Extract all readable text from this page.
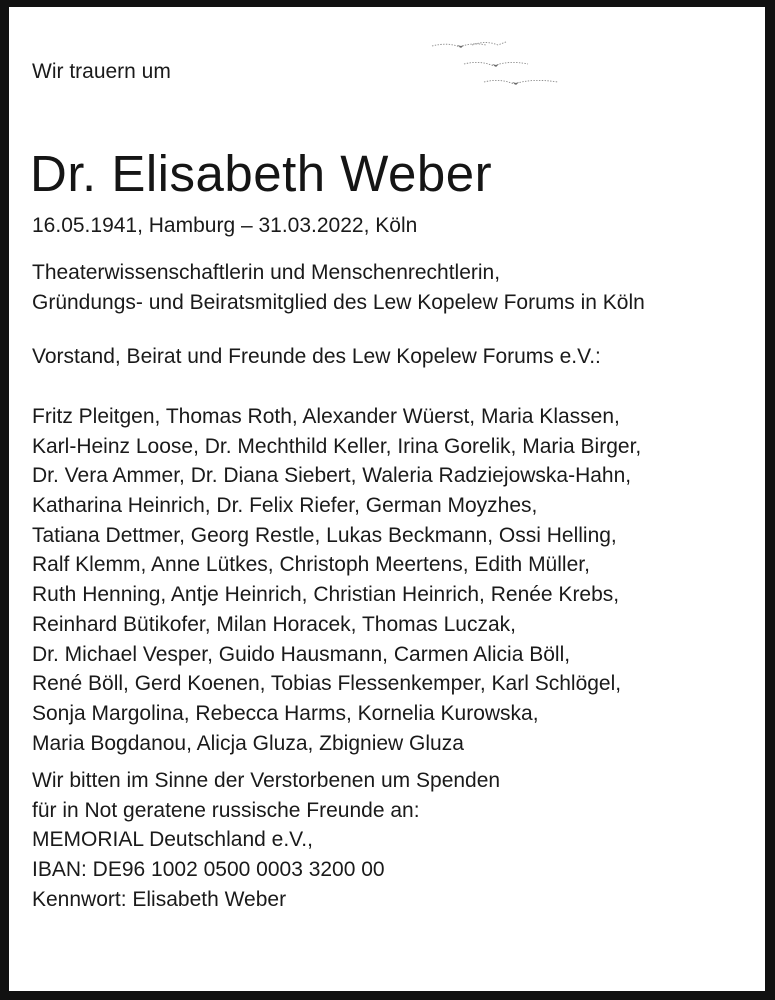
Wir trauern um

Dr. Elisabeth Weber

16.05.1941, Hamburg – 31.03.2022, Köln

Theaterwissenschaftlerin und Menschenrechtlerin,
Gründungs- und Beiratsmitglied des Lew Kopelew Forums in Köln
Vorstand, Beirat und Freunde des Lew Kopelew Forums e.V.:
Fritz Pleitgen, Thomas Roth, Alexander Wüerst, Maria Klassen,
Karl-Heinz Loose, Dr. Mechthild Keller, Irina Gorelik, Maria Birger,
Dr. Vera Ammer, Dr. Diana Siebert, Waleria Radziejowska-Hahn,
Katharina Heinrich, Dr. Felix Riefer, German Moyzhes,
Tatiana Dettmer, Georg Restle, Lukas Beckmann, Ossi Helling,
Ralf Klemm, Anne Lütkes, Christoph Meertens, Edith Müller,
Ruth Henning, Antje Heinrich, Christian Heinrich, Renée Krebs,
Reinhard Bütikofer, Milan Horacek, Thomas Luczak,
Dr. Michael Vesper, Guido Hausmann, Carmen Alicia Böll,
René Böll, Gerd Koenen, Tobias Flessenkemper, Karl Schlögel,
Sonja Margolina, Rebecca Harms, Kornelia Kurowska,
Maria Bogdanou, Alicja Gluza, Zbigniew Gluza
Wir bitten im Sinne der Verstorbenen um Spenden
für in Not geratene russische Freunde an:
MEMORIAL Deutschland e.V.,
IBAN: DE96 1002 0500 0003 3200 00
Kennwort: Elisabeth Weber
